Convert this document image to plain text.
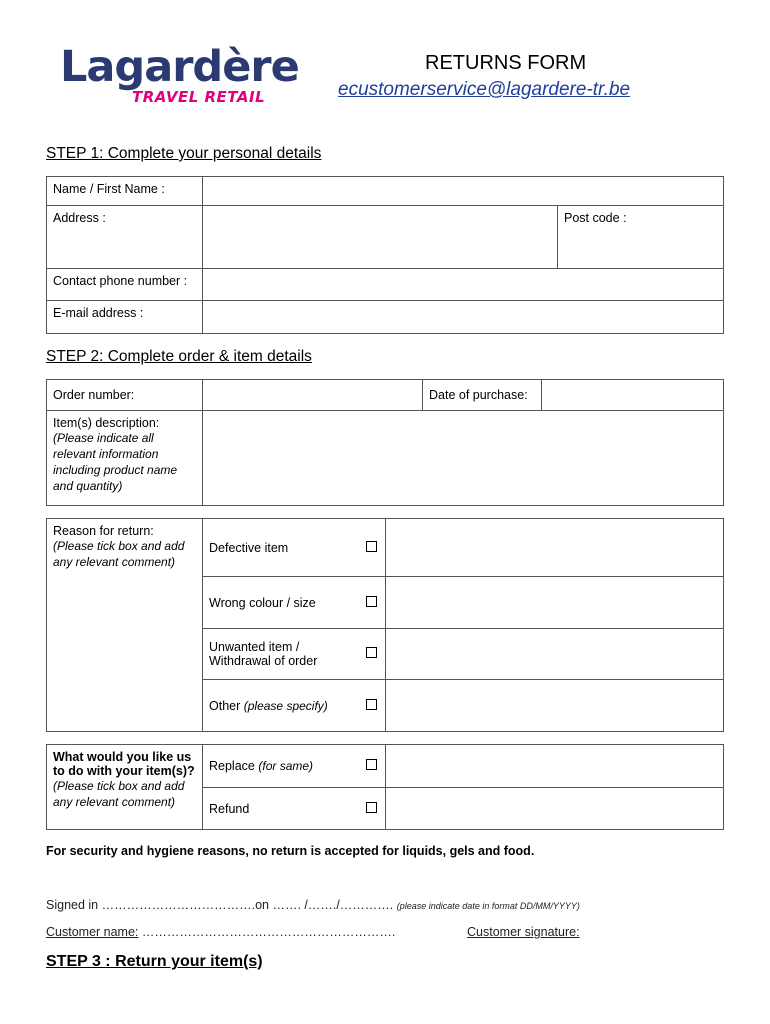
Lagardère
TRAVEL RETAIL
RETURNS FORM
ecustomerservice@lagardere-tr.be
STEP 1: Complete your personal details
Name / First Name :		
Address :		Post code :
Contact phone number :		
E-mail address :		
STEP 2: Complete order & item details
Order number:		Date of purchase:	

Item(s) description:
(Please indicate all relevant information including product name and quantity)			

Reason for return:
(Please tick box and add any relevant comment)	Defective item		
	Wrong colour / size		

	Unwanted item /
Withdrawal of order		

	Other (please specify)		
What would you like us
to do with your item(s)?
(Please tick box and add any relevant comment)	Replace (for same)		
	Refund		
For security and hygiene reasons, no return is accepted for liquids, gels and food.
Signed in ……………………………….on ……. /……./…………. (please indicate date in format DD/MM/YYYY)
Customer name: …………………………………………………….	Customer signature:
STEP 3 : Return your item(s)
